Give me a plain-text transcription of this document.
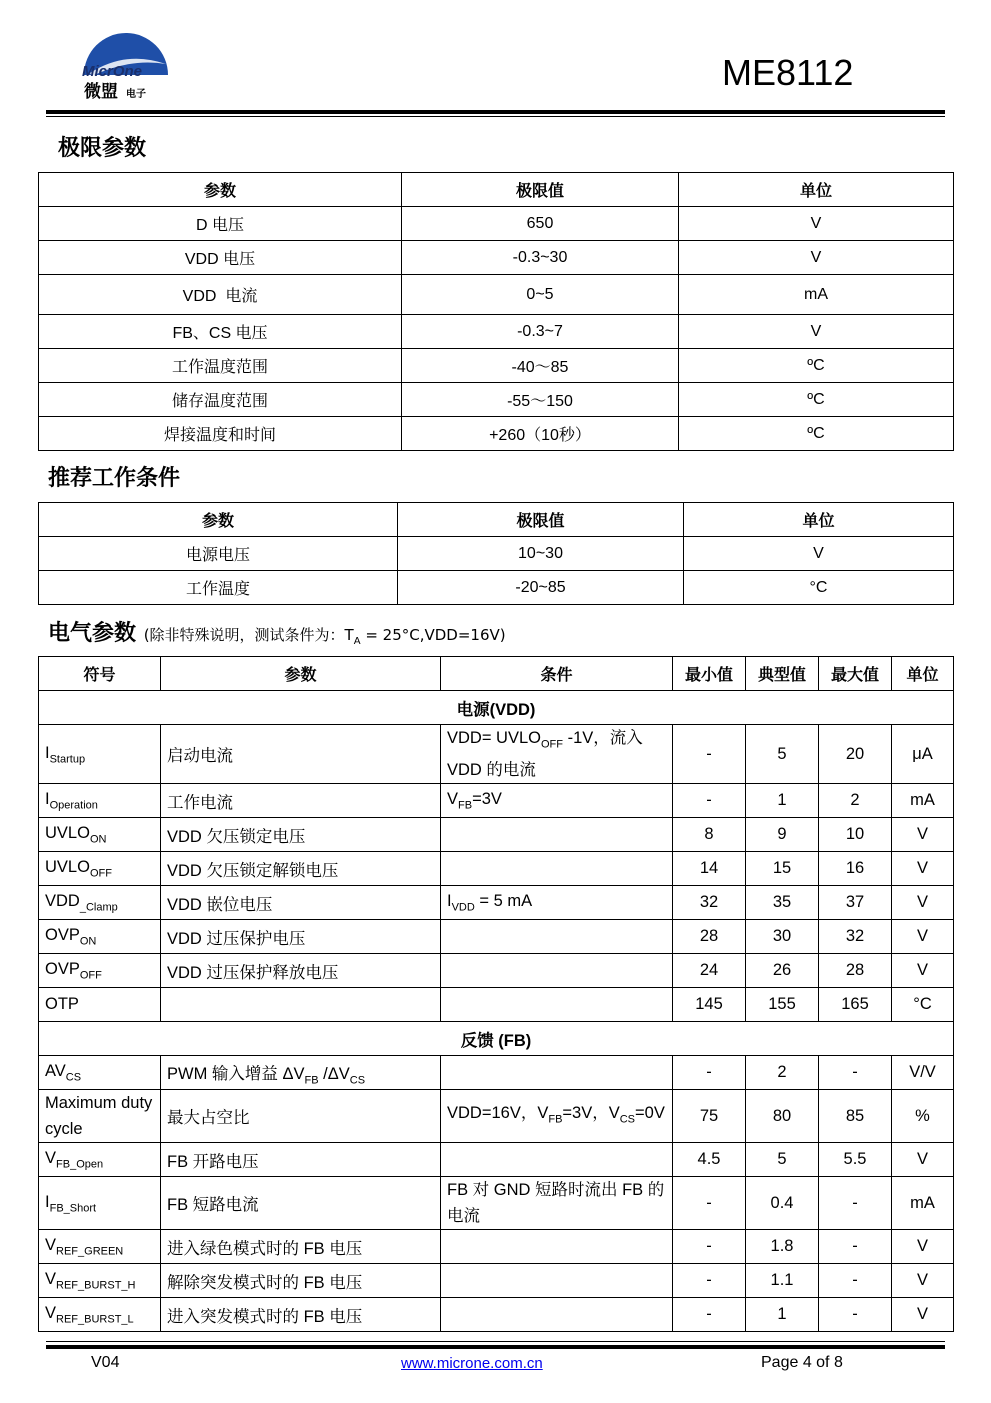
MicrOne
微盟 电子
ME8112
极限参数
参数	极限值	单位
D 电压	650	V
VDD 电压	-0.3~30	V
VDD  电流	0~5	mA
FB、CS 电压	-0.3~7	V
工作温度范围	-40～85	ºC
储存温度范围	-55～150	ºC
焊接温度和时间	+260（10秒）	ºC
推荐工作条件
参数	极限值	单位
电源电压	10~30	V
工作温度	-20~85	°C
电气参数 (除非特殊说明，测试条件为：$T_A = 25^\circ C,VDD=16V$)
符号	参数	条件	最小值	典型值	最大值	单位
电源(VDD)						
$I_{Startup}$	启动电流	$VDD= UVLO_{OFF}$ -1V，流入 VDD 的电流	-	5	20	μA
$I_{Operation}$	工作电流	$V_{FB}=3V$	-	1	2	mA
$UVLO_{ON}$	VDD 欠压锁定电压		8	9	10	V
$UVLO_{OFF}$	VDD 欠压锁定解锁电压		14	15	16	V
$VDD_{\_Clamp}$	VDD 嵌位电压	$I_{VDD} = 5$ mA	32	35	37	V
$OVP_{ON}$	VDD 过压保护电压		28	30	32	V
$OVP_{OFF}$	VDD 过压保护释放电压		24	26	28	V
OTP			145	155	165	°C
反馈 (FB)						
$AV_{CS}$	PWM 输入增益 $\Delta V_{FB}$ $/\Delta V_{CS}$		-	2	-	V/V
Maximum duty cycle	最大占空比	VDD=16V，$V_{FB}=3V$，$V_{CS}=0V$	75	80	85	%
$V_{FB\_Open}$	FB 开路电压		4.5	5	5.5	V
$I_{FB\_Short}$	FB 短路电流	FB 对 GND 短路时流出 FB 的电流	-	0.4	-	mA
$V_{REF\_GREEN}$	进入绿色模式时的 FB 电压		-	1.8	-	V
$V_{REF\_BURST\_H}$	解除突发模式时的 FB 电压		-	1.1	-	V
$V_{REF\_BURST\_L}$	进入突发模式时的 FB 电压		-	1	-	V
V04	www.microne.com.cn	Page 4 of 8
